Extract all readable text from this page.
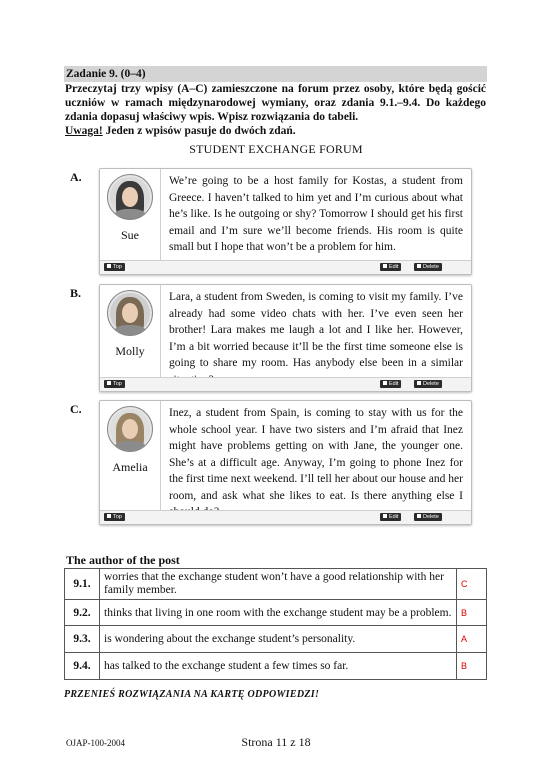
Zadanie 9. (0–4)
Przeczytaj trzy wpisy (A–C) zamieszczone na forum przez osoby, które będą gościć uczniów w ramach międzynarodowej wymiany, oraz zdania 9.1.–9.4. Do każdego zdania dopasuj właściwy wpis. Wpisz rozwiązania do tabeli.
Uwaga! Jeden z wpisów pasuje do dwóch zdań.
STUDENT EXCHANGE FORUM
A.
Sue
We’re going to be a host family for Kostas, a student from Greece. I haven’t talked to him yet and I’m curious about what he’s like. Is he outgoing or shy? Tomorrow I should get his first email and I’m sure we’ll become friends. His room is quite small but I hope that won’t be a problem for him.
Top	Edit	Delete
B.
Molly
Lara, a student from Sweden, is coming to visit my family. I’ve already had some video chats with her. I’ve even seen her brother! Lara makes me laugh a lot and I like her. However, I’m a bit worried because it’ll be the first time someone else is going to share my room. Has anybody else been in a similar
Top	Edit	Delete
C.
Amelia
Inez, a student from Spain, is coming to stay with us for the whole school year. I have two sisters and I’m afraid that Inez might have problems getting on with Jane, the younger one. She’s at a difficult age. Anyway, I’m going to phone Inez for the first time next weekend. I’ll tell her about our house and her room, and ask what she likes to eat. Is there anything else I
Top	Edit	Delete
The author of the post
9.1.	worries that the exchange student won’t have a good relationship with her family member.	C
9.2.	thinks that living in one room with the exchange student may be a problem.	B
9.3.	is wondering about the exchange student’s personality.	A
9.4.	has talked to the exchange student a few times so far.	B
PRZENIEŚ ROZWIĄZANIA NA KARTĘ ODPOWIEDZI!
OJAP-100-2004	Strona 11 z 18
